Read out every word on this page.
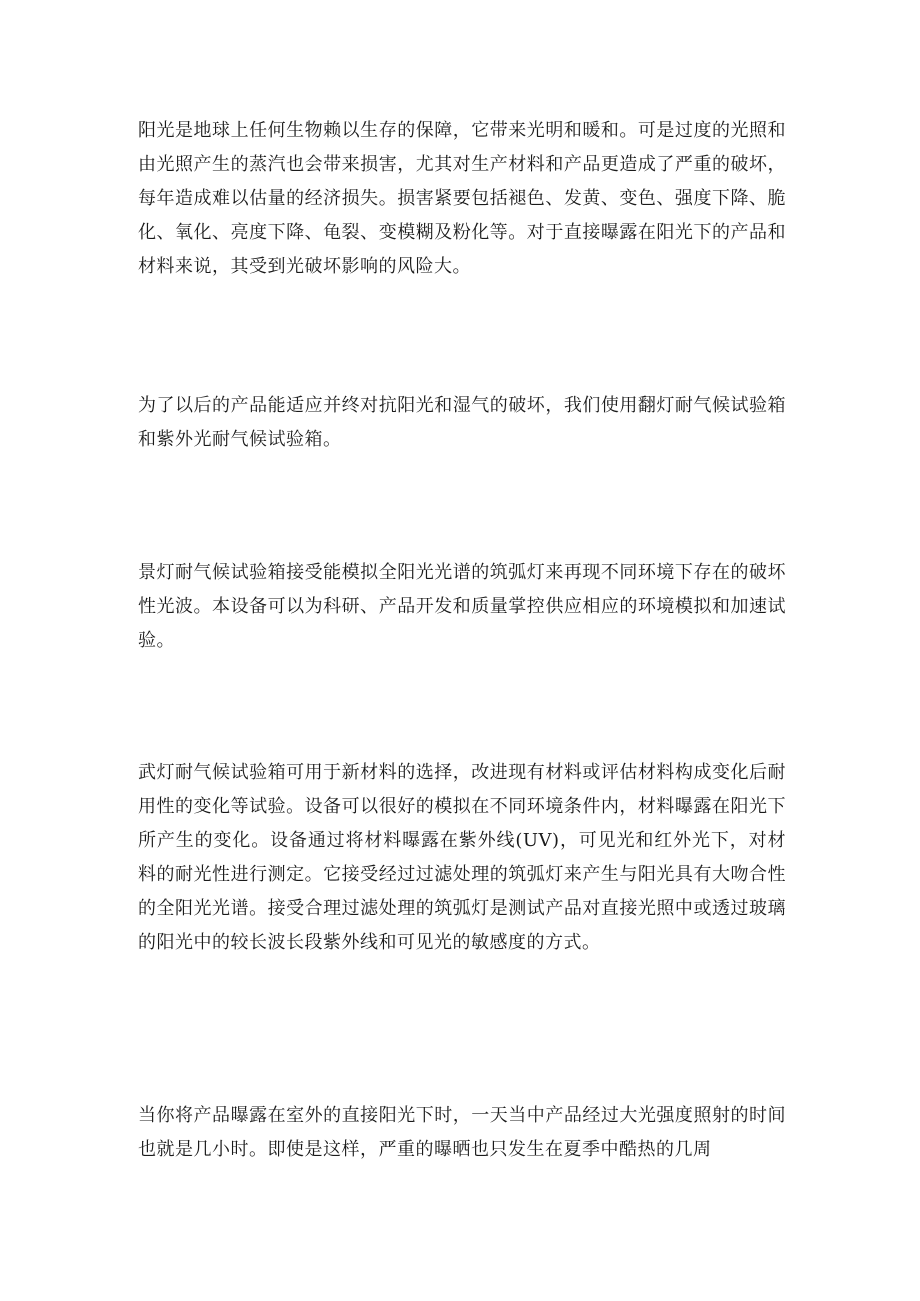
阳光是地球上任何生物赖以生存的保障，它带来光明和暖和。可是过度的光照和由光照产生的蒸汽也会带来损害，尤其对生产材料和产品更造成了严重的破坏，每年造成难以估量的经济损失。损害紧要包括褪色、发黄、变色、强度下降、脆化、氧化、亮度下降、龟裂、变模糊及粉化等。对于直接曝露在阳光下的产品和材料来说，其受到光破坏影响的风险大。

为了以后的产品能适应并终对抗阳光和湿气的破坏，我们使用翻灯耐气候试验箱和紫外光耐气候试验箱。

景灯耐气候试验箱接受能模拟全阳光光谱的筑弧灯来再现不同环境下存在的破坏性光波。本设备可以为科研、产品开发和质量掌控供应相应的环境模拟和加速试验。

武灯耐气候试验箱可用于新材料的选择，改进现有材料或评估材料构成变化后耐用性的变化等试验。设备可以很好的模拟在不同环境条件内，材料曝露在阳光下所产生的变化。设备通过将材料曝露在紫外线(UV)，可见光和红外光下，对材料的耐光性进行测定。它接受经过过滤处理的筑弧灯来产生与阳光具有大吻合性的全阳光光谱。接受合理过滤处理的筑弧灯是测试产品对直接光照中或透过玻璃的阳光中的较长波长段紫外线和可见光的敏感度的方式。

当你将产品曝露在室外的直接阳光下时，一天当中产品经过大光强度照射的时间也就是几小时。即使是这样，严重的曝晒也只发生在夏季中酷热的几周
